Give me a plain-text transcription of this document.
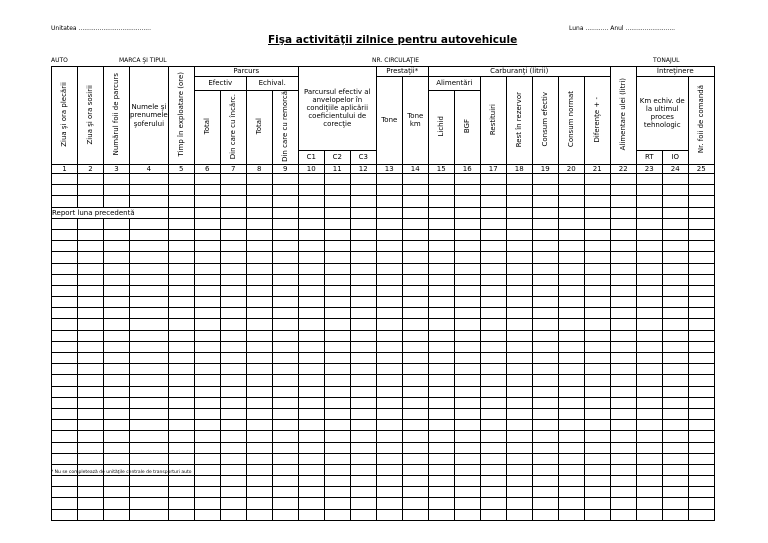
Unitatea ......................................	Luna ............ Anul ..........................
Fişa activităţii zilnice pentru autovehicule
AUTO	MARCA ŞI TIPUL	NR. CIRCULAŢIE	TONAJUL
Ziua şi ora plecării	Ziua şi ora sosirii	Numărul foii de parcurs	Numele şi prenumele şoferului	Timp în exploatare (ore)	Parcurs				Parcursul efectiv al anvelopelor în condiţiile aplicării coeficientului de corecţie			Prestaţii*		Carburanţi (litrii)							Alimentare ulei (litri)	Întreţinere		
					Efectiv		Echival.					Tone	Tone km	Alimentări		Restituiri	Rest în rezervor	Consum efectiv	Consum normat	Diferenţe + -		Km echiv. de la ultimul proces tehnologic		Nr. foii de comandă
					Total	Din care cu încărc.	Total	Din care cu remorcă						Lichid	BGF									
									C1	C2	C3											RT	IO	
1	2	3	4	5	6	7	8	9	10	11	12	13	14	15	16	17	18	19	20	21	22	23	24	25

Report luna precedentă																								

* Nu se completează de unităţile centrale de transporturi auto
